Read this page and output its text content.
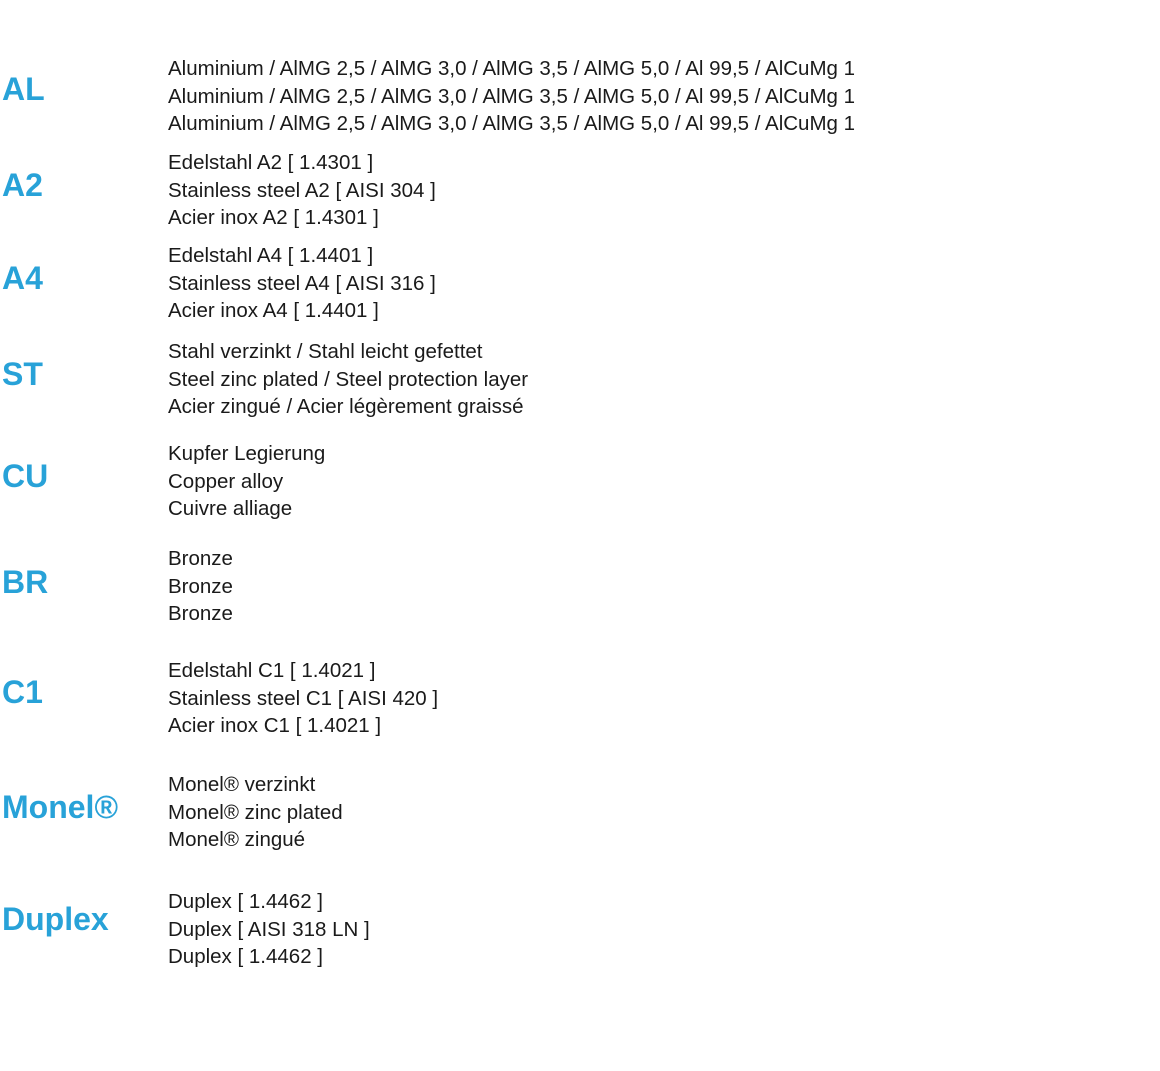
AL
Aluminium / AlMG 2,5 / AlMG 3,0 / AlMG 3,5 / AlMG 5,0 / Al 99,5 / AlCuMg 1
Aluminium / AlMG 2,5 / AlMG 3,0 / AlMG 3,5 / AlMG 5,0 / Al 99,5 / AlCuMg 1
Aluminium / AlMG 2,5 / AlMG 3,0 / AlMG 3,5 / AlMG 5,0 / Al 99,5 / AlCuMg 1
A2
Edelstahl A2 [ 1.4301 ]
Stainless steel A2 [ AISI 304 ]
Acier inox A2 [ 1.4301 ]
A4
Edelstahl A4 [ 1.4401 ]
Stainless steel A4 [ AISI 316 ]
Acier inox A4 [ 1.4401 ]
ST
Stahl verzinkt / Stahl leicht gefettet
Steel zinc plated / Steel protection layer
Acier zingué / Acier légèrement graissé
CU
Kupfer Legierung
Copper alloy
Cuivre alliage
BR
Bronze
Bronze
Bronze
C1
Edelstahl C1 [ 1.4021 ]
Stainless steel C1 [ AISI 420 ]
Acier inox C1 [ 1.4021 ]
Monel®
Monel® verzinkt
Monel® zinc plated
Monel® zingué
Duplex	Duplex [ 1.4462 ]
Duplex [ AISI 318 LN ]
Duplex [ 1.4462 ]
